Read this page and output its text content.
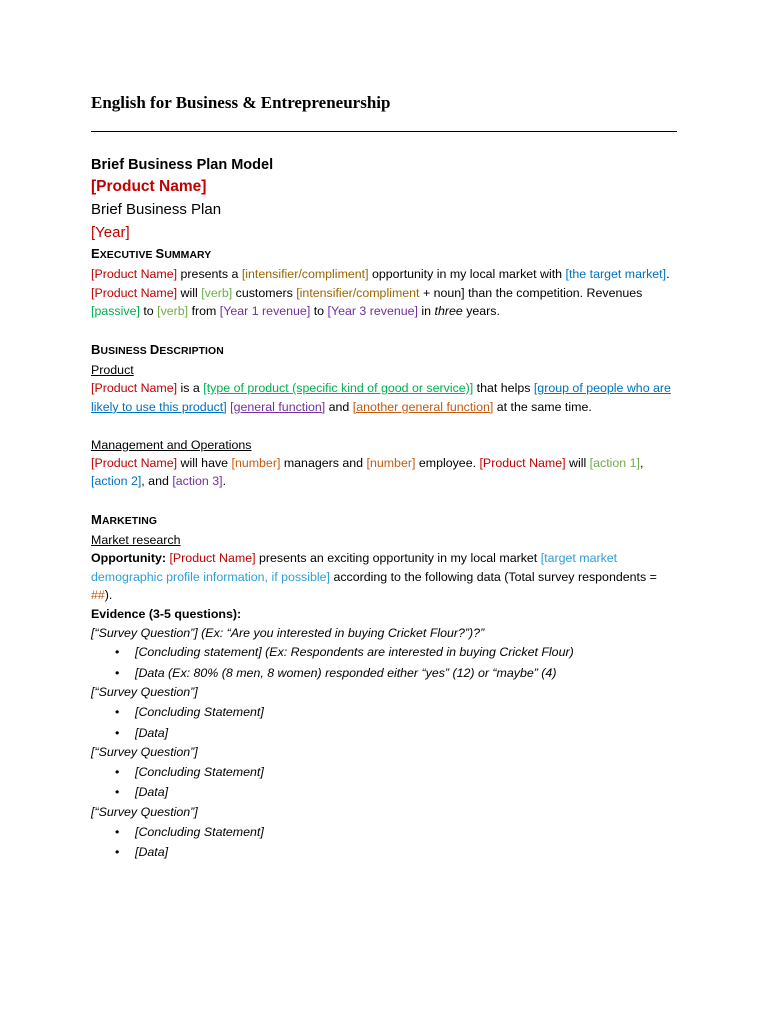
English for Business & Entrepreneurship
Brief Business Plan Model
[Product Name]
Brief Business Plan
[Year]
EXECUTIVE SUMMARY

[Product Name] presents a [intensifier/compliment] opportunity in my local market with [the target market]. [Product Name] will [verb] customers [intensifier/compliment + noun] than the competition. Revenues [passive] to [verb] from [Year 1 revenue] to [Year 3 revenue] in three years.

BUSINESS DESCRIPTION
Product

[Product Name] is a [type of product (specific kind of good or service)] that helps [group of people who are likely to use this product] [general function] and [another general function] at the same time.

Management and Operations

[Product Name] will have [number] managers and [number] employee. [Product Name] will [action 1], [action 2], and [action 3].

MARKETING
Market research

Opportunity: [Product Name] presents an exciting opportunity in my local market [target market demographic profile information, if possible] according to the following data (Total survey respondents = ##).

Evidence (3-5 questions):
[“Survey Question”] (Ex: “Are you interested in buying Cricket Flour?”)?”
• [Concluding statement] (Ex: Respondents are interested in buying Cricket Flour)
• [Data (Ex: 80% (8 men, 8 women) responded either “yes” (12) or “maybe” (4)
[“Survey Question”]
• [Concluding Statement]
• [Data]
[“Survey Question”]
• [Concluding Statement]
• [Data]
[“Survey Question”]
• [Concluding Statement]
• [Data]
